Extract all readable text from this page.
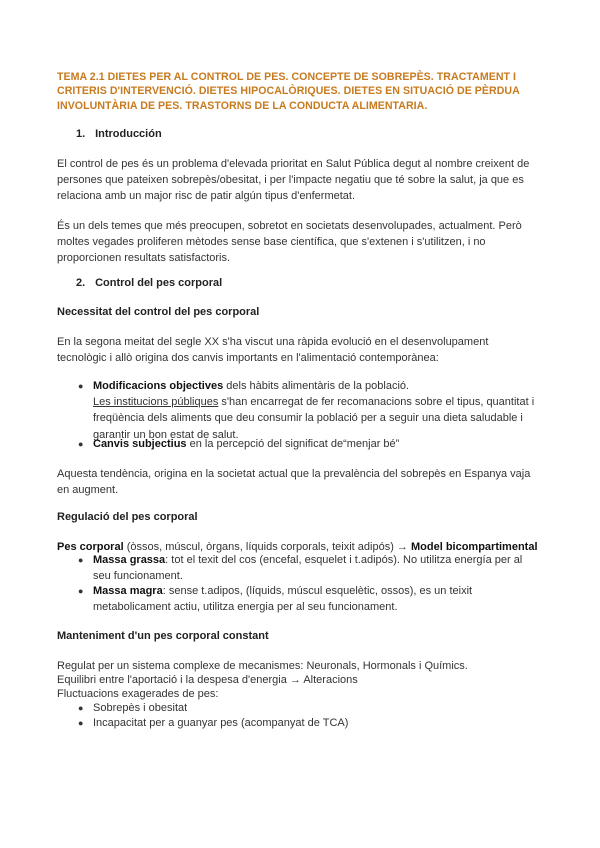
TEMA 2.1 DIETES PER AL CONTROL DE PES. CONCEPTE DE SOBREPÈS. TRACTAMENT I
CRITERIS D'INTERVENCIÓ. DIETES HIPOCALÒRIQUES. DIETES EN SITUACIÓ DE PÈRDUA
INVOLUNTÀRIA DE PES. TRASTORNS DE LA CONDUCTA ALIMENTARIA.
1. Introducción
El control de pes és un problema d'elevada prioritat en Salut Pública degut al nombre creixent de
persones que pateixen sobrepès/obesitat, i per l'impacte negatiu que té sobre la salut, ja que es
relaciona amb un major risc de patir algún tipus d'enfermetat.
És un dels temes que més preocupen, sobretot en societats desenvolupades, actualment. Però
moltes vegades proliferen mètodes sense base científica, que s'extenen i s'utilitzen, i no
proporcionen resultats satisfactoris.
2. Control del pes corporal
Necessitat del control del pes corporal
En la segona meitat del segle XX s'ha viscut una ràpida evolució en el desenvolupament
tecnològic i allò origina dos canvis importants en l'alimentació contemporànea:
● Modificacions objectives dels hàbits alimentàris de la població.
Les institucions públiques s'han encarregat de fer recomanacions sobre el tipus, quantitat i
freqüència dels aliments que deu consumir la població per a seguir una dieta saludable i
garantir un bon estat de salut.
● Canvis subjectius en la percepció del significat de“menjar bé”
Aquesta tendència, origina en la societat actual que la prevalència del sobrepès en Espanya vaja
en augment.
Regulació del pes corporal
Pes corporal (òssos, múscul, òrgans, líquids corporals, teixit adipós) → Model bicompartimental
● Massa grassa: tot el texit del cos (encefal, esquelet i t.adipós). No utilitza energía per al
seu funcionament.
● Massa magra: sense t.adipos, (líquids, múscul esquelètic, ossos), es un teixit
metabolicament actiu, utilitza energia per al seu funcionament.
Manteniment d'un pes corporal constant
Regulat per un sistema complexe de mecanismes: Neuronals, Hormonals i Químics.
Equilibri entre l'aportació i la despesa d'energia → Alteracions
Fluctuacions exagerades de pes:
● Sobrepès i obesitat
● Incapacitat per a guanyar pes (acompanyat de TCA)
